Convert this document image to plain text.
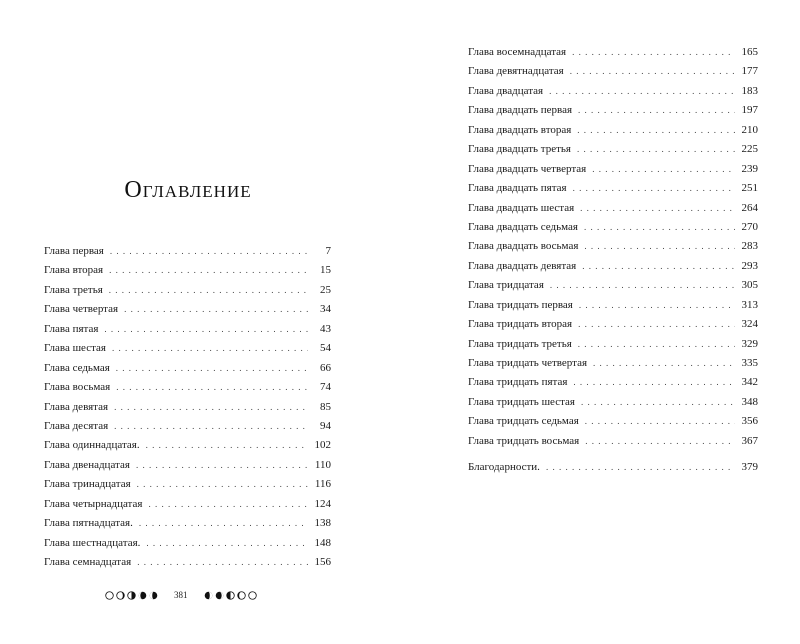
Оглавление
Глава первая . . .	7
Глава вторая . . .	15
Глава третья . . .	25
Глава четвертая . . .	34
Глава пятая . . .	43
Глава шестая . . .	54
Глава седьмая . . .	66
Глава восьмая . . .	74
Глава девятая . . .	85
Глава десятая . . .	94
Глава одиннадцатая. . . .	102
Глава двенадцатая . . .	110
Глава тринадцатая . . .	116
Глава четырнадцатая . . .	124
Глава пятнадцатая. . . .	138
Глава шестнадцатая. . . .	148
Глава семнадцатая . . .	156
Глава восемнадцатая . . .	165
Глава девятнадцатая . . .	177
Глава двадцатая . . .	183
Глава двадцать первая . . .	197
Глава двадцать вторая . . .	210
Глава двадцать третья . . .	225
Глава двадцать четвертая . . .	239
Глава двадцать пятая . . .	251
Глава двадцать шестая . . .	264
Глава двадцать седьмая . . .	270
Глава двадцать восьмая . . .	283
Глава двадцать девятая . . .	293
Глава тридцатая . . .	305
Глава тридцать первая . . .	313
Глава тридцать вторая . . .	324
Глава тридцать третья . . .	329
Глава тридцать четвертая . . .	335
Глава тридцать пятая . . .	342
Глава тридцать шестая . . .	348
Глава тридцать седьмая . . .	356
Глава тридцать восьмая . . .	367
Благодарности. . . .	379
381
